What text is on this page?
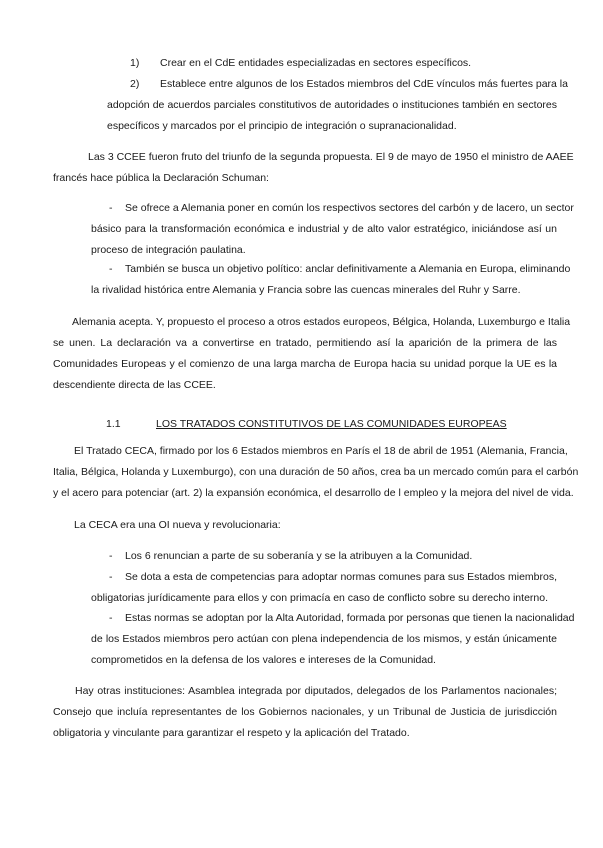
1) Crear en el CdE entidades especializadas en sectores específicos.
2) Establece entre algunos de los Estados miembros del CdE vínculos más fuertes para la
adopción de acuerdos parciales constitutivos de autoridades o instituciones también en sectores
específicos y marcados por el principio de integración o supranacionalidad.
Las 3 CCEE fueron fruto del triunfo de la segunda propuesta. El 9 de mayo de 1950 el ministro de AAEE
francés hace pública la Declaración Schuman:
- Se ofrece a Alemania poner en común los respectivos sectores del carbón y de lacero, un sector
básico para la transformación económica e industrial y de alto valor estratégico, iniciándose así un
proceso de integración paulatina.
- También se busca un objetivo político: anclar definitivamente a Alemania en Europa, eliminando
la rivalidad histórica entre Alemania y Francia sobre las cuencas minerales del Ruhr y Sarre.
Alemania acepta. Y, propuesto el proceso a otros estados europeos, Bélgica, Holanda, Luxemburgo e Italia
se unen. La declaración va a convertirse en tratado, permitiendo así la aparición de la primera de las
Comunidades Europeas y el comienzo de una larga marcha de Europa hacia su unidad porque la UE es la
descendiente directa de las CCEE.
1.1	LOS TRATADOS CONSTITUTIVOS DE LAS COMUNIDADES EUROPEAS
El Tratado CECA, firmado por los 6 Estados miembros en París el 18 de abril de 1951 (Alemania, Francia,
Italia, Bélgica, Holanda y Luxemburgo), con una duración de 50 años, crea ba un mercado común para el carbón
y el acero para potenciar (art. 2) la expansión económica, el desarrollo de l empleo y la mejora del nivel de vida.
La CECA era una OI nueva y revolucionaria:
- Los 6 renuncian a parte de su soberanía y se la atribuyen a la Comunidad.
- Se dota a esta de competencias para adoptar normas comunes para sus Estados miembros,
obligatorias jurídicamente para ellos y con primacía en caso de conflicto sobre su derecho interno.
- Estas normas se adoptan por la Alta Autoridad, formada por personas que tienen la nacionalidad
de los Estados miembros pero actúan con plena independencia de los mismos, y están únicamente
comprometidos en la defensa de los valores e intereses de la Comunidad.
Hay otras instituciones: Asamblea integrada por diputados, delegados de los Parlamentos nacionales;
Consejo que incluía representantes de los Gobiernos nacionales, y un Tribunal de Justicia de jurisdicción
obligatoria y vinculante para garantizar el respeto y la aplicación del Tratado.
